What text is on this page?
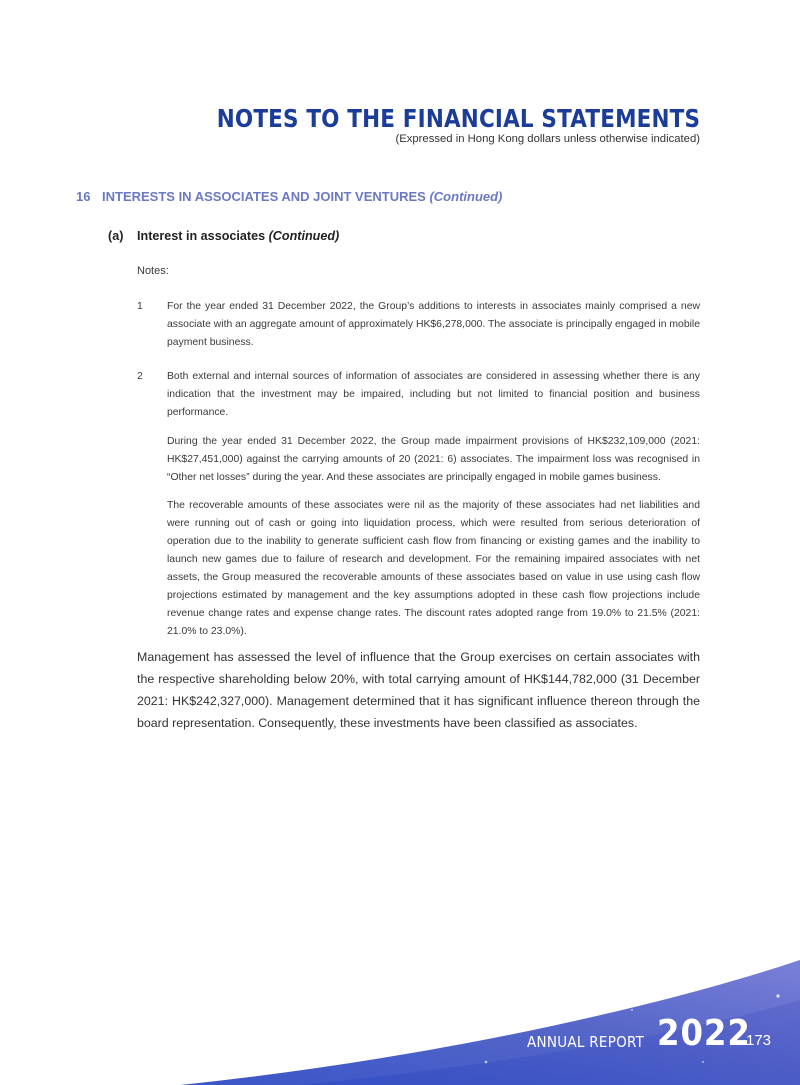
NOTES TO THE FINANCIAL STATEMENTS
(Expressed in Hong Kong dollars unless otherwise indicated)
16 INTERESTS IN ASSOCIATES AND JOINT VENTURES (Continued)
(a) Interest in associates (Continued)
Notes:
1 For the year ended 31 December 2022, the Group’s additions to interests in associates mainly comprised a new associate with an aggregate amount of approximately HK$6,278,000. The associate is principally engaged in mobile payment business.

2 Both external and internal sources of information of associates are considered in assessing whether there is any indication that the investment may be impaired, including but not limited to financial position and business performance.

During the year ended 31 December 2022, the Group made impairment provisions of HK$232,109,000 (2021: HK$27,451,000) against the carrying amounts of 20 (2021: 6) associates. The impairment loss was recognised in “Other net losses” during the year. And these associates are principally engaged in mobile games business.

The recoverable amounts of these associates were nil as the majority of these associates had net liabilities and were running out of cash or going into liquidation process, which were resulted from serious deterioration of operation due to the inability to generate sufficient cash flow from financing or existing games and the inability to launch new games due to failure of research and development. For the remaining impaired associates with net assets, the Group measured the recoverable amounts of these associates based on value in use using cash flow projections estimated by management and the key assumptions adopted in these cash flow projections include revenue change rates and expense change rates. The discount rates adopted range from 19.0% to 21.5% (2021: 21.0% to 23.0%).

Management has assessed the level of influence that the Group exercises on certain associates with the respective shareholding below 20%, with total carrying amount of HK$144,782,000 (31 December 2021: HK$242,327,000). Management determined that it has significant influence thereon through the board representation. Consequently, these investments have been classified as associates.

ANNUAL REPORT 2022
173
